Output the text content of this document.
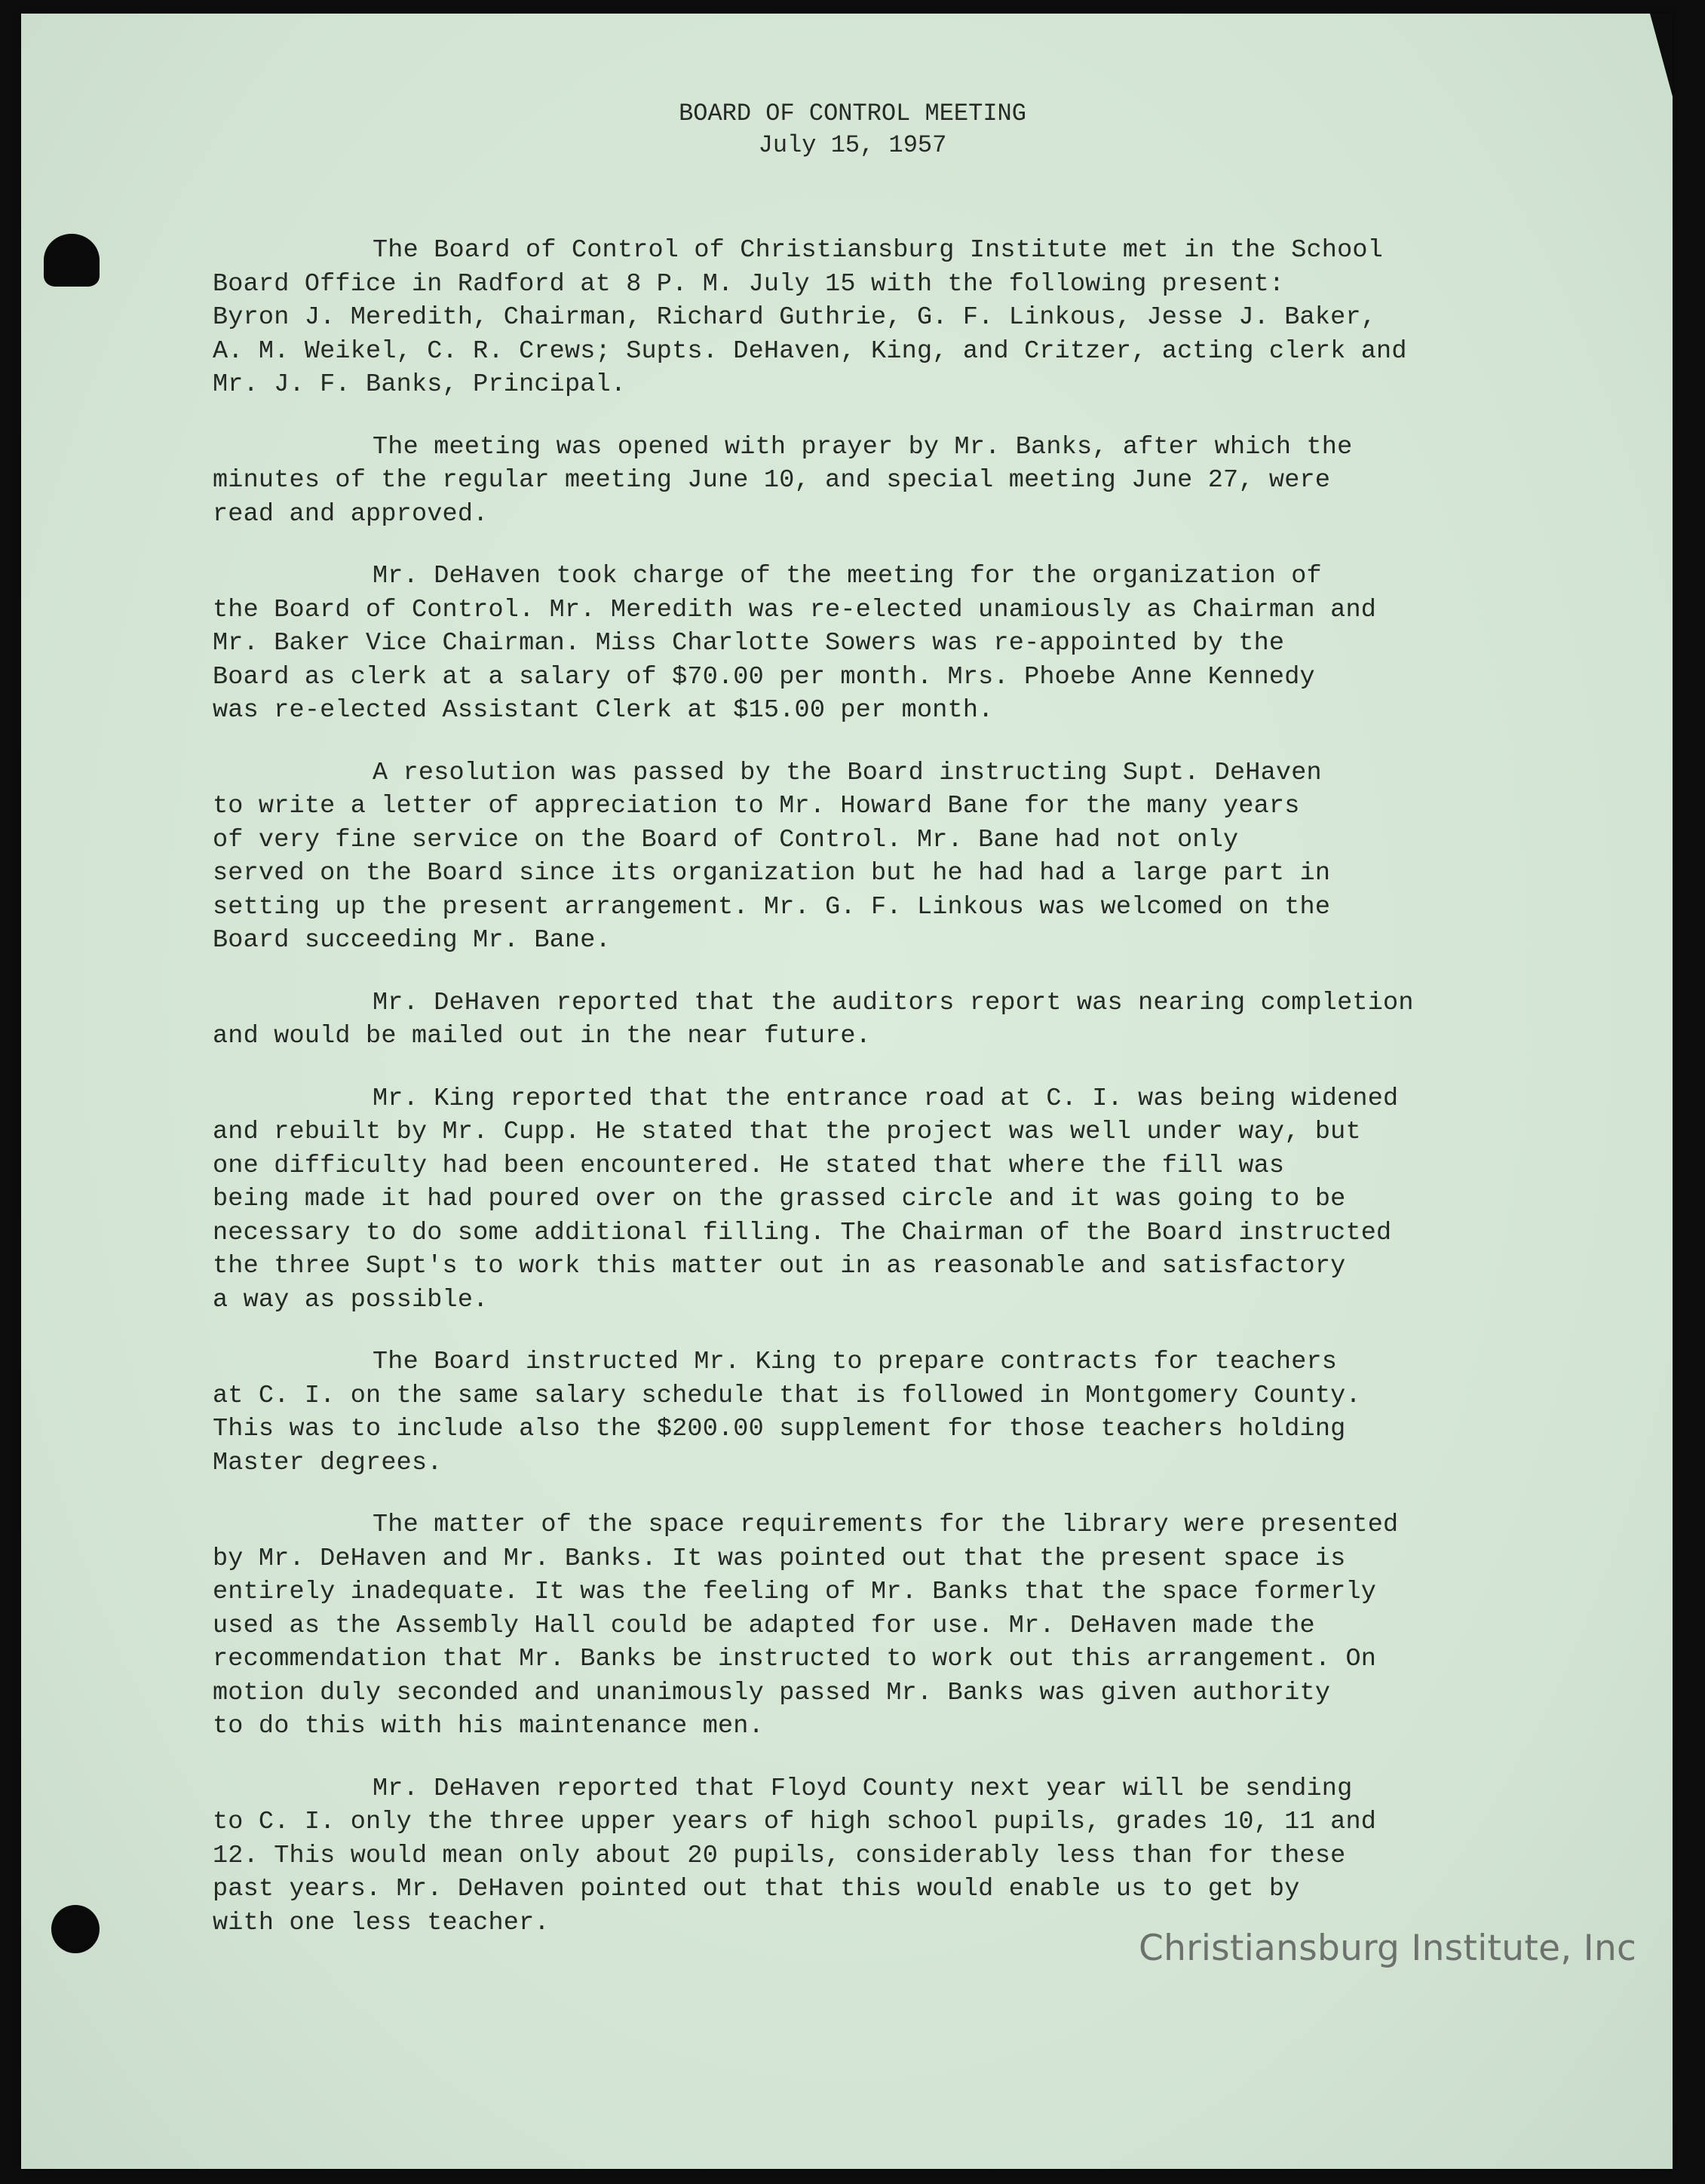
BOARD OF CONTROL MEETING
July 15, 1957
The Board of Control of Christiansburg Institute met in the School
Board Office in Radford at 8 P. M. July 15 with the following present:
Byron J. Meredith, Chairman, Richard Guthrie, G. F. Linkous, Jesse J. Baker,
A. M. Weikel, C. R. Crews; Supts. DeHaven, King, and Critzer, acting clerk and
Mr. J. F. Banks, Principal.
The meeting was opened with prayer by Mr. Banks, after which the
minutes of the regular meeting June 10, and special meeting June 27, were
read and approved.
Mr. DeHaven took charge of the meeting for the organization of
the Board of Control. Mr. Meredith was re-elected unamiously as Chairman and
Mr. Baker Vice Chairman. Miss Charlotte Sowers was re-appointed by the
Board as clerk at a salary of $70.00 per month. Mrs. Phoebe Anne Kennedy
was re-elected Assistant Clerk at $15.00 per month.
A resolution was passed by the Board instructing Supt. DeHaven
to write a letter of appreciation to Mr. Howard Bane for the many years
of very fine service on the Board of Control. Mr. Bane had not only
served on the Board since its organization but he had had a large part in
setting up the present arrangement. Mr. G. F. Linkous was welcomed on the
Board succeeding Mr. Bane.
Mr. DeHaven reported that the auditors report was nearing completion
and would be mailed out in the near future.
Mr. King reported that the entrance road at C. I. was being widened
and rebuilt by Mr. Cupp. He stated that the project was well under way, but
one difficulty had been encountered. He stated that where the fill was
being made it had poured over on the grassed circle and it was going to be
necessary to do some additional filling. The Chairman of the Board instructed
the three Supt's to work this matter out in as reasonable and satisfactory
a way as possible.
The Board instructed Mr. King to prepare contracts for teachers
at C. I. on the same salary schedule that is followed in Montgomery County.
This was to include also the $200.00 supplement for those teachers holding
Master degrees.
The matter of the space requirements for the library were presented
by Mr. DeHaven and Mr. Banks. It was pointed out that the present space is
entirely inadequate. It was the feeling of Mr. Banks that the space formerly
used as the Assembly Hall could be adapted for use. Mr. DeHaven made the
recommendation that Mr. Banks be instructed to work out this arrangement. On
motion duly seconded and unanimously passed Mr. Banks was given authority
to do this with his maintenance men.
Mr. DeHaven reported that Floyd County next year will be sending
to C. I. only the three upper years of high school pupils, grades 10, 11 and
12. This would mean only about 20 pupils, considerably less than for these
past years. Mr. DeHaven pointed out that this would enable us to get by
with one less teacher.
Christiansburg Institute, Inc
